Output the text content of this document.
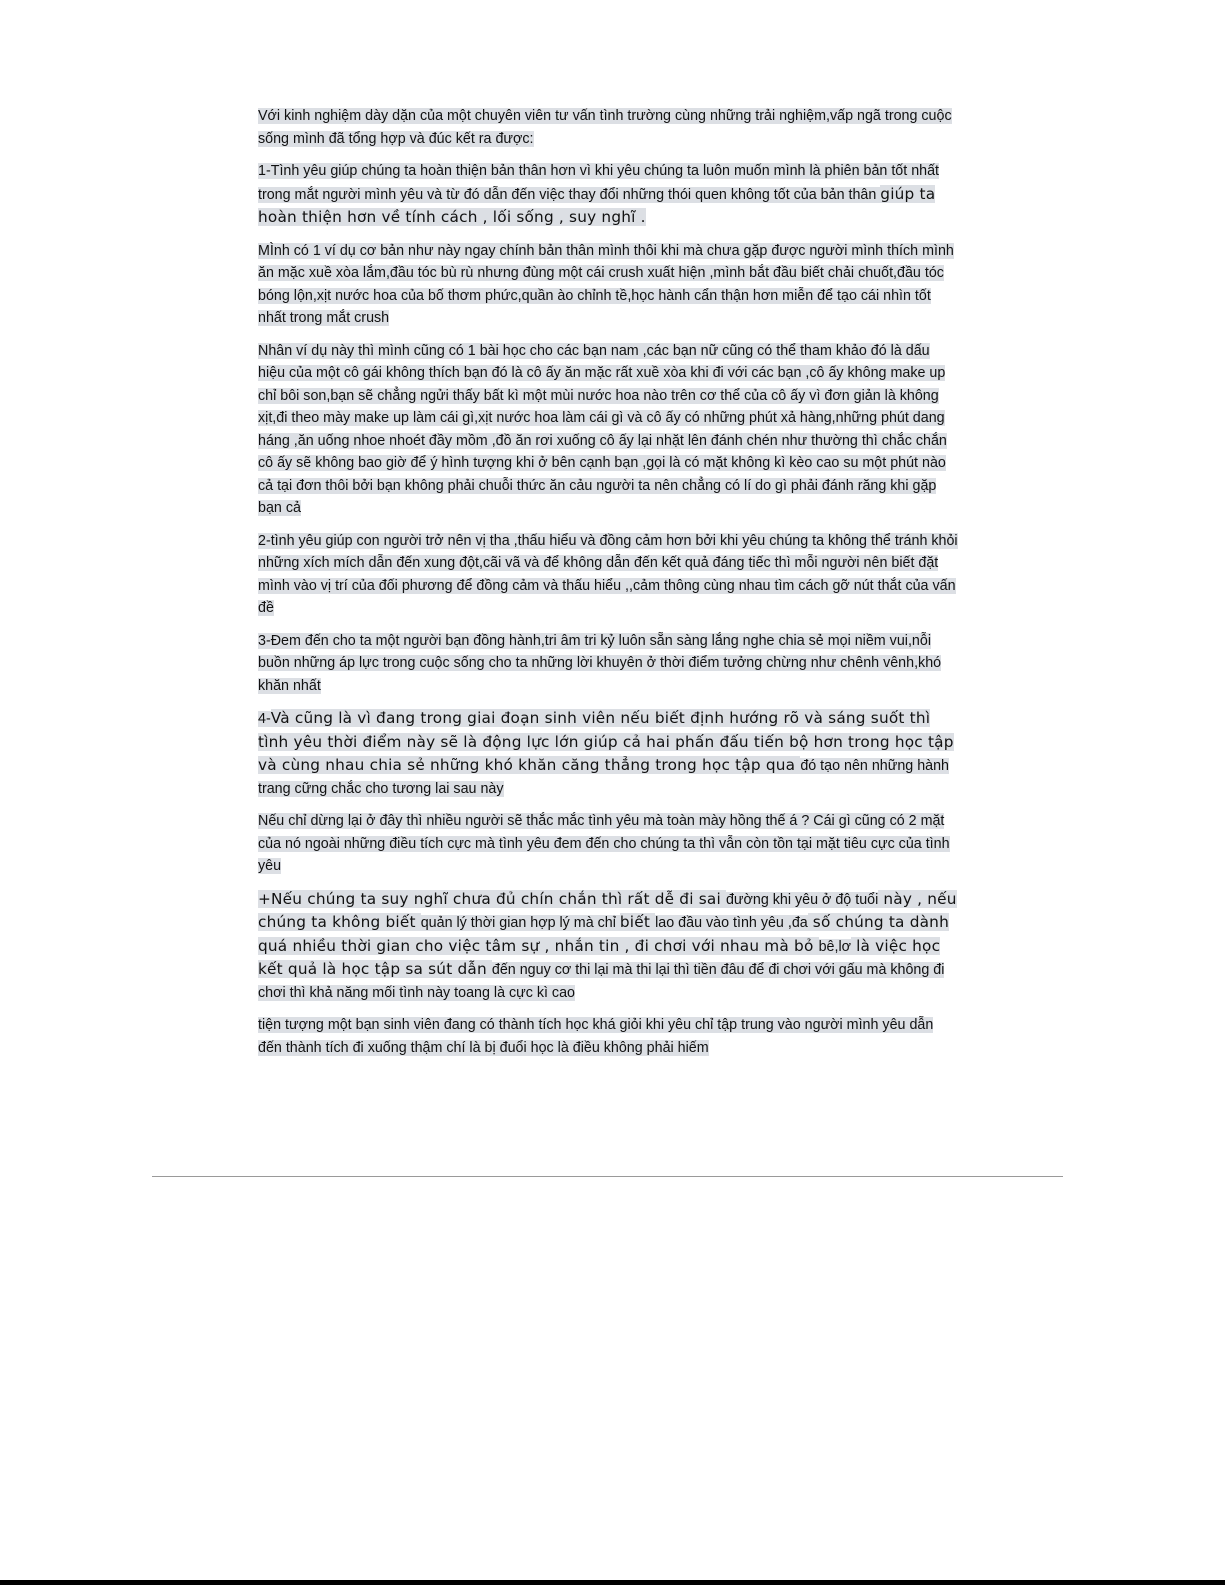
Với kinh nghiệm dày dặn của một chuyên viên tư vấn tình trường cùng những trải nghiệm,vấp ngã trong cuộc sống mình đã tổng hợp và đúc kết ra được:

1-Tình yêu giúp chúng ta hoàn thiện bản thân hơn vì khi yêu chúng ta luôn muốn mình là phiên bản tốt nhất trong mắt người mình yêu và từ đó dẫn đến việc thay đổi những thói quen không tốt của bản thân giúp ta hoàn thiện hơn về tính cách , lối sống , suy nghĩ .

MÌnh có 1 ví dụ cơ bản như này ngay chính bản thân mình thôi khi mà chưa gặp được người mình thích mình ăn mặc xuề xòa lắm,đầu tóc bù rù nhưng đùng một cái crush xuất hiện ,mình bắt đầu biết chải chuốt,đầu tóc bóng lộn,xịt nước hoa của bố thơm phức,quần ào chỉnh tề,học hành cẩn thận hơn miễn để tạo cái nhìn tốt nhất trong mắt crush

Nhân ví dụ này thì mình cũng có 1 bài học cho các bạn nam ,các bạn nữ cũng có thể tham khảo đó là dấu hiệu của một cô gái không thích bạn đó là cô ấy ăn mặc rất xuề xòa khi đi với các bạn ,cô ấy không make up chỉ bôi son,bạn sẽ chẳng ngửi thấy bất kì một mùi nước hoa nào trên cơ thể của cô ấy vì đơn giản là không xịt,đi theo mày make up làm cái gì,xịt nước hoa làm cái gì và cô ấy có những phút xả hàng,những phút dang háng ,ăn uống nhoe nhoét đầy mồm ,đồ ăn rơi xuống cô ấy lại nhặt lên đánh chén như thường thì chắc chắn cô ấy sẽ không bao giờ để ý hình tượng khi ở bên cạnh bạn ,gọi là có mặt không kì kèo cao su một phút nào cả tại đơn thôi bởi bạn không phải chuỗi thức ăn cảu người ta nên chẳng có lí do gì phải đánh răng khi gặp bạn cả

2-tình yêu giúp con người trở nên vị tha ,thấu hiểu và đồng cảm hơn bởi khi yêu chúng ta không thể tránh khỏi những xích mích dẫn đến xung đột,cãi vã và để không dẫn đến kết quả đáng tiếc thì mỗi người nên biết đặt mình vào vị trí của đối phương để đồng cảm và thấu hiểu ,,cảm thông cùng nhau tìm cách gỡ nút thắt của vấn đề

3-Đem đến cho ta một người bạn đồng hành,tri âm tri kỷ luôn sẵn sàng lắng nghe chia sẻ mọi niềm vui,nỗi buồn những áp lực trong cuộc sống cho ta những lời khuyên ở thời điểm tưởng chừng như chênh vênh,khó khăn nhất

4-Và cũng là vì đang trong giai đoạn sinh viên nếu biết định hướng rõ và sáng suốt thì tình yêu thời điểm này sẽ là động lực lớn giúp cả hai phấn đấu tiến bộ hơn trong học tập và cùng nhau chia sẻ những khó khăn căng thẳng trong học tập qua đó tạo nên những hành trang cững chắc cho tương lai sau này

Nếu chỉ dừng lại ở đây thì nhiều người sẽ thắc mắc tình yêu mà toàn mày hồng thế á ? Cái gì cũng có 2 mặt của nó ngoài những điều tích cực mà tình yêu đem đến cho chúng ta thì vẫn còn tồn tại mặt tiêu cực của tình yêu

+Nếu chúng ta suy nghĩ chưa đủ chín chắn thì rất dễ đi sai đường khi yêu ở độ tuổi này , nếu chúng ta không biết quản lý thời gian hợp lý mà chỉ biết lao đầu vào tình yêu ,đa số chúng ta dành quá nhiều thời gian cho việc tâm sự , nhắn tin , đi chơi với nhau mà bỏ bê,lơ là việc học kết quả là học tập sa sút dẫn đến nguy cơ thi lại mà thi lại thì tiền đâu để đi chơi với gấu mà không đi chơi thì khả năng mối tình này toang là cực kì cao

tiện tượng một bạn sinh viên đang có thành tích học khá giỏi khi yêu chỉ tập trung vào người mình yêu dẫn đến thành tích đi xuống thậm chí là bị đuổi học là điều không phải hiếm
